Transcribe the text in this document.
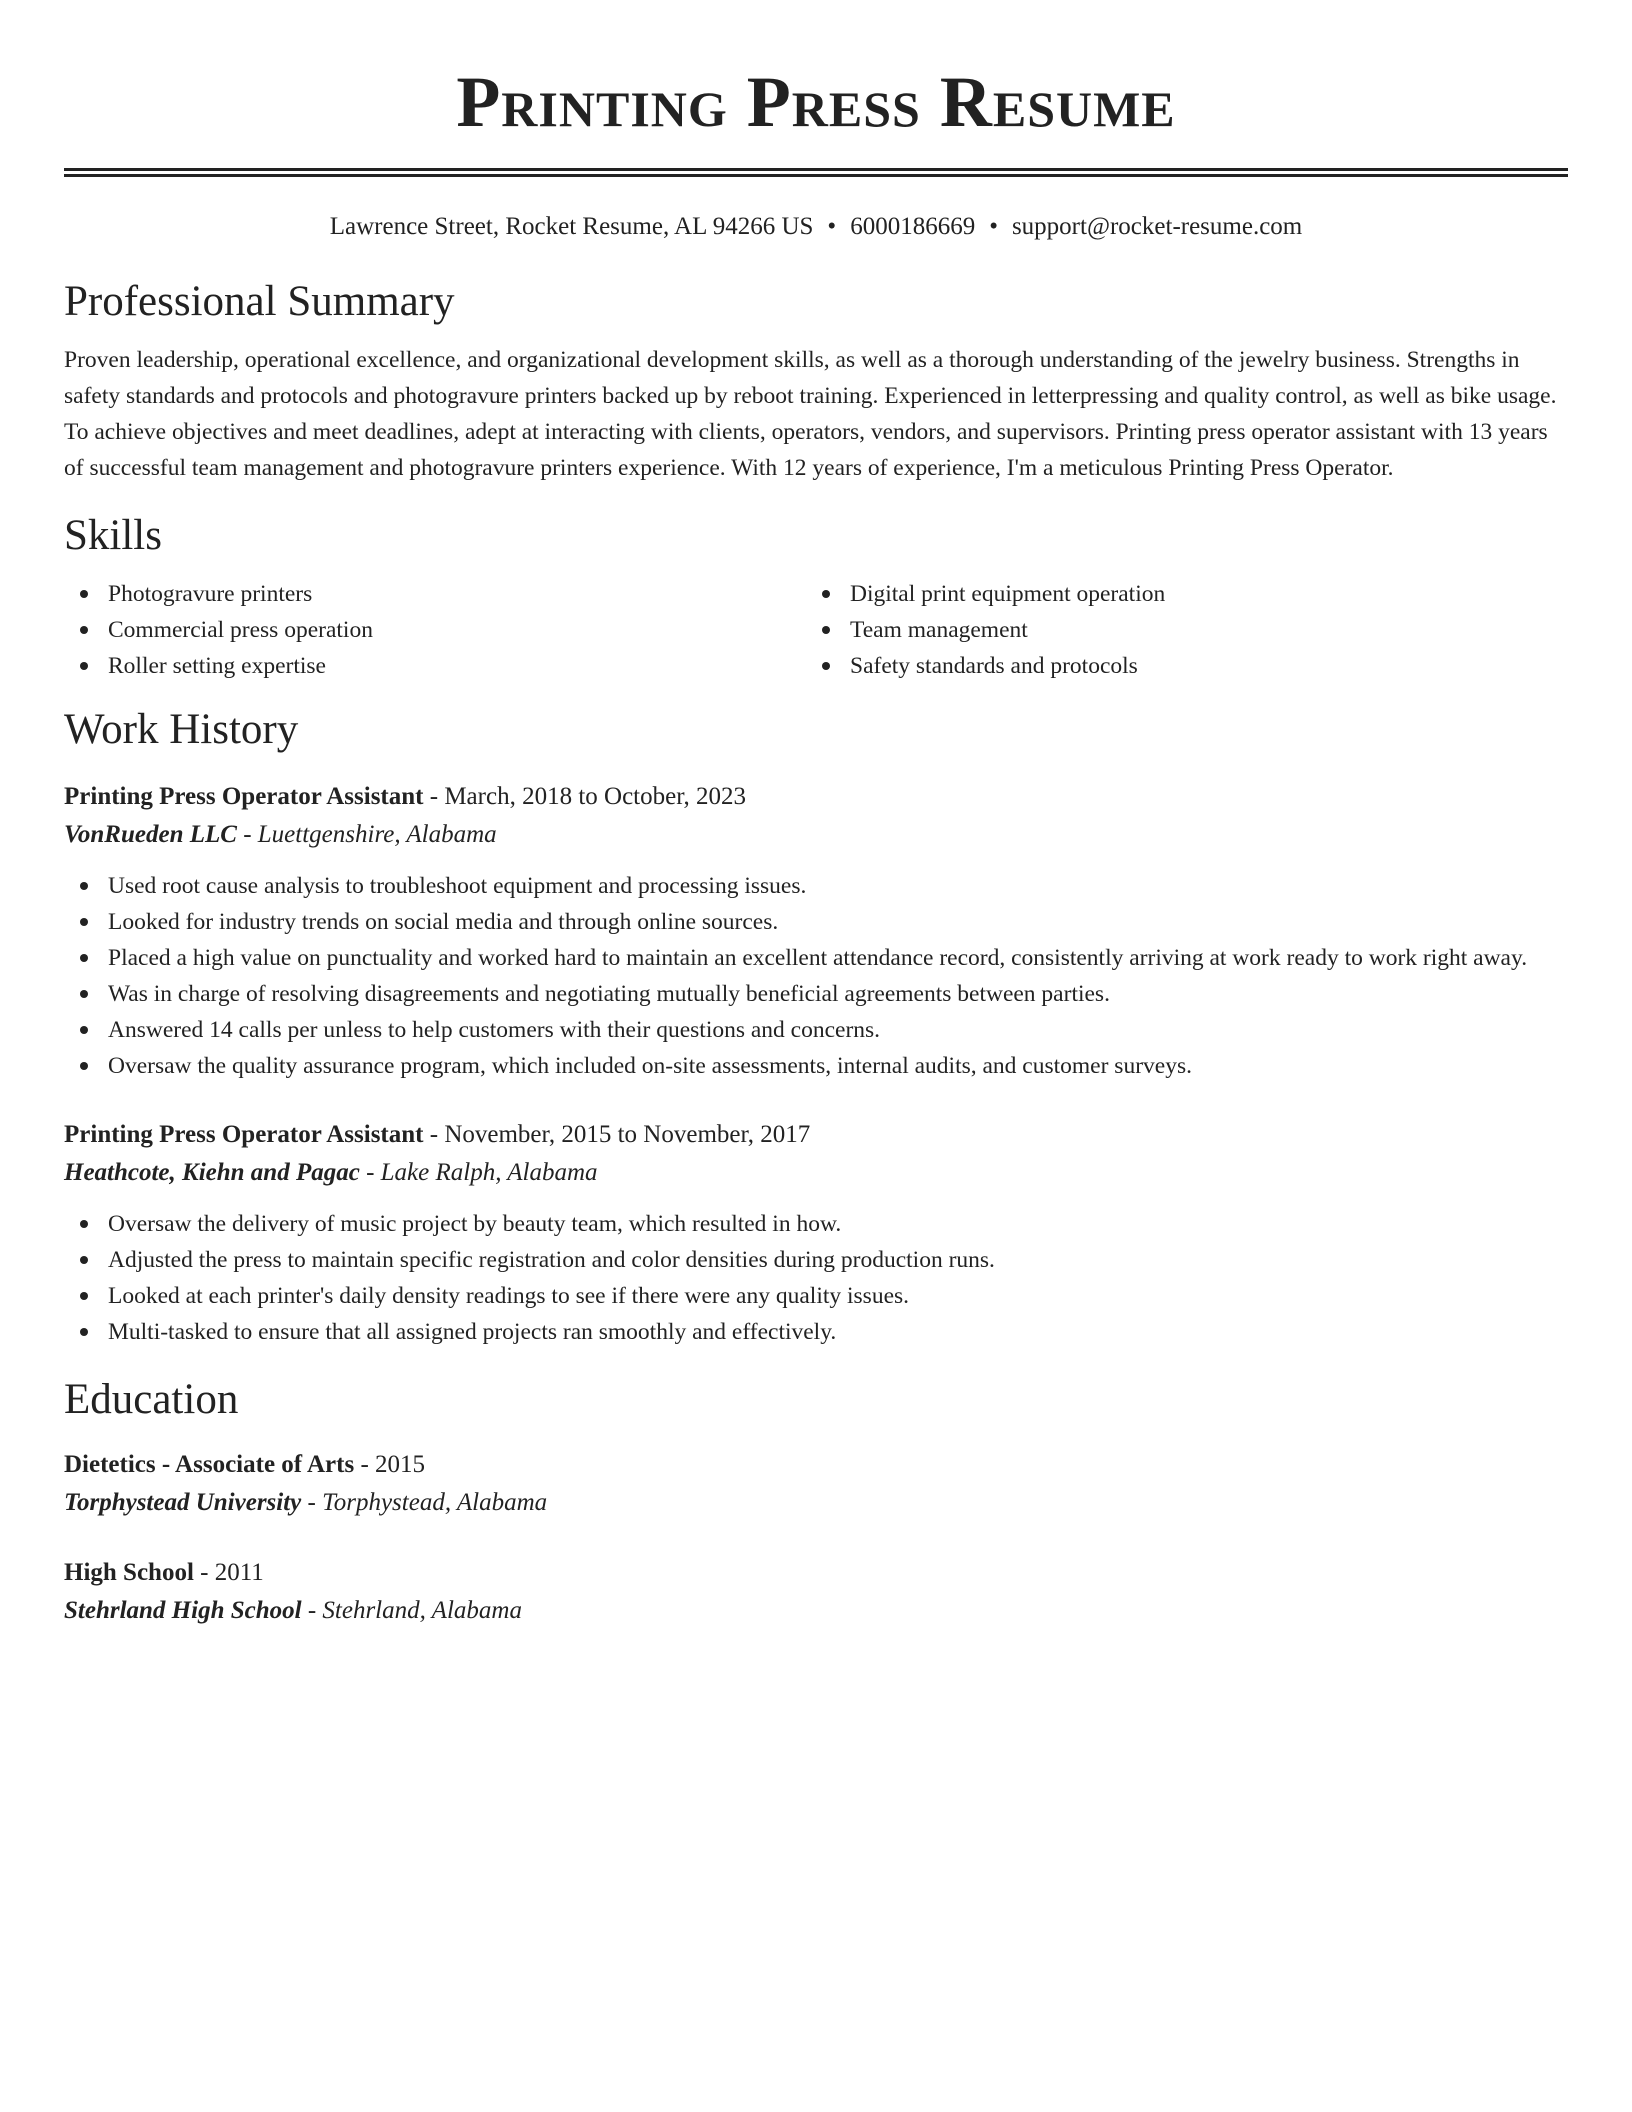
Printing Press Resume
Lawrence Street, Rocket Resume, AL 94266 US • 6000186669 • support@rocket-resume.com
Professional Summary

Proven leadership, operational excellence, and organizational development skills, as well as a thorough understanding of the jewelry business. Strengths in safety standards and protocols and photogravure printers backed up by reboot training. Experienced in letterpressing and quality control, as well as bike usage. To achieve objectives and meet deadlines, adept at interacting with clients, operators, vendors, and supervisors. Printing press operator assistant with 13 years of successful team management and photogravure printers experience. With 12 years of experience, I'm a meticulous Printing Press Operator.

Skills
Photogravure printers
Commercial press operation
Roller setting expertise
Digital print equipment operation
Team management
Safety standards and protocols
Work History
Printing Press Operator Assistant - March, 2018 to October, 2023
VonRueden LLC - Luettgenshire, Alabama
Used root cause analysis to troubleshoot equipment and processing issues.
Looked for industry trends on social media and through online sources.
Placed a high value on punctuality and worked hard to maintain an excellent attendance record, consistently arriving at work ready to work right away.
Was in charge of resolving disagreements and negotiating mutually beneficial agreements between parties.
Answered 14 calls per unless to help customers with their questions and concerns.
Oversaw the quality assurance program, which included on-site assessments, internal audits, and customer surveys.
Printing Press Operator Assistant - November, 2015 to November, 2017
Heathcote, Kiehn and Pagac - Lake Ralph, Alabama
Oversaw the delivery of music project by beauty team, which resulted in how.
Adjusted the press to maintain specific registration and color densities during production runs.
Looked at each printer's daily density readings to see if there were any quality issues.
Multi-tasked to ensure that all assigned projects ran smoothly and effectively.
Education
Dietetics - Associate of Arts - 2015
Torphystead University - Torphystead, Alabama
High School - 2011
Stehrland High School - Stehrland, Alabama
